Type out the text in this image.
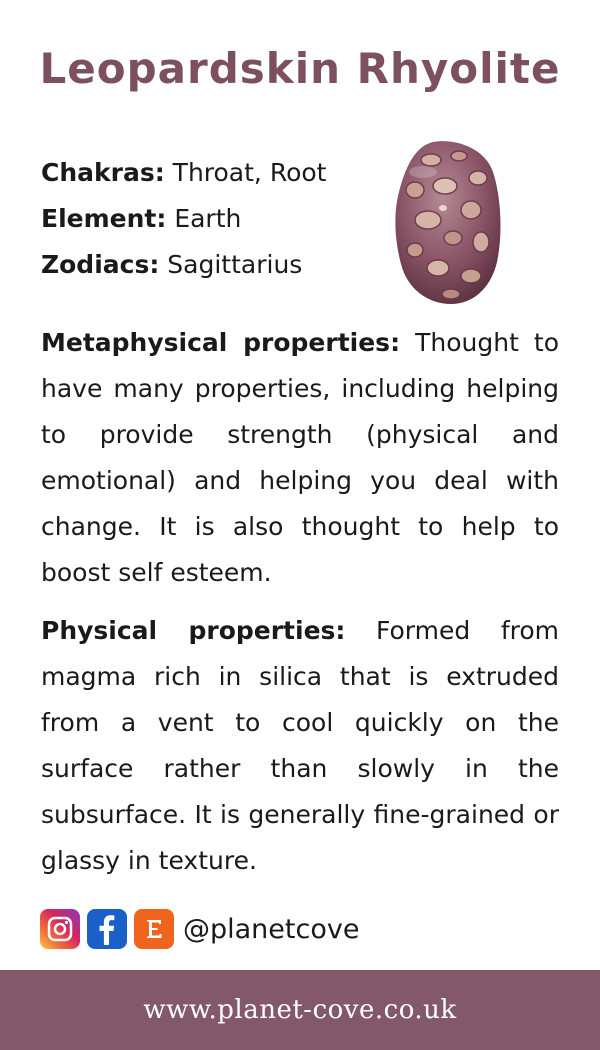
Leopardskin Rhyolite
Chakras: Throat, Root
Element: Earth
Zodiacs: Sagittarius

Metaphysical properties: Thought to have many properties, including helping to provide strength (physical and emotional) and helping you deal with change. It is also thought to help to boost self esteem.

Physical properties: Formed from magma rich in silica that is extruded from a vent to cool quickly on the surface rather than slowly in the subsurface. It is generally fine-grained or glassy in texture.

@planetcove
www.planet-cove.co.uk
